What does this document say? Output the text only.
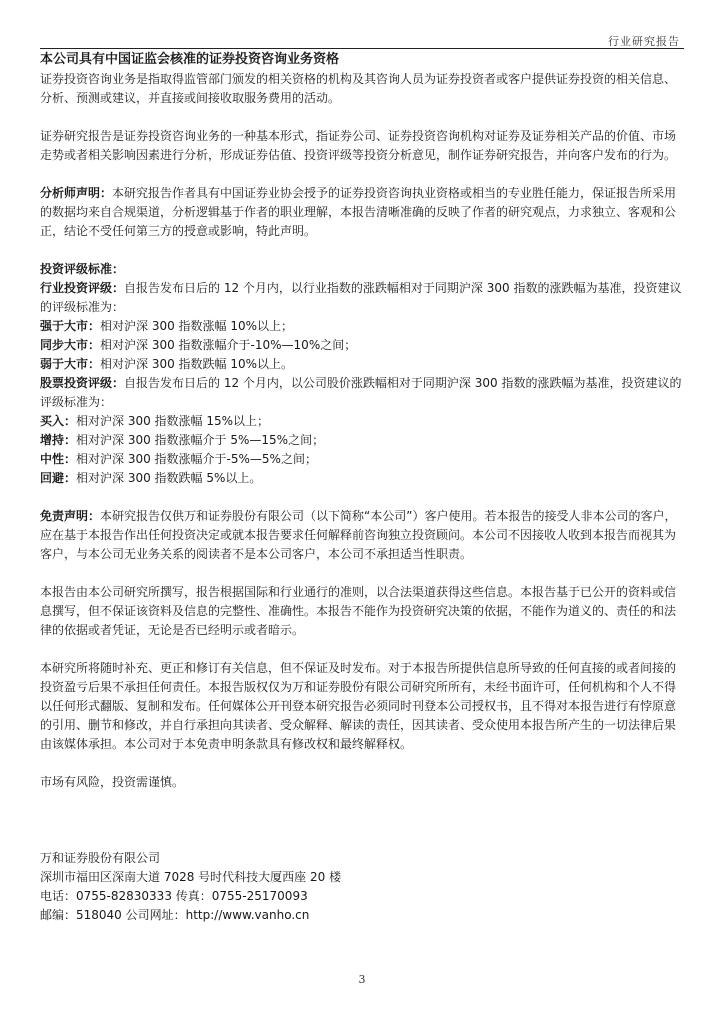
行业研究报告

本公司具有中国证监会核准的证券投资咨询业务资格

证券投资咨询业务是指取得监管部门颁发的相关资格的机构及其咨询人员为证券投资者或客户提供证券投资的相关信息、分析、预测或建议，并直接或间接收取服务费用的活动。

证券研究报告是证券投资咨询业务的一种基本形式，指证券公司、证券投资咨询机构对证券及证券相关产品的价值、市场走势或者相关影响因素进行分析，形成证券估值、投资评级等投资分析意见，制作证券研究报告，并向客户发布的行为。

分析师声明：本研究报告作者具有中国证券业协会授予的证券投资咨询执业资格或相当的专业胜任能力，保证报告所采用的数据均来自合规渠道，分析逻辑基于作者的职业理解，本报告清晰准确的反映了作者的研究观点，力求独立、客观和公正，结论不受任何第三方的授意或影响，特此声明。

投资评级标准：

行业投资评级：自报告发布日后的 12 个月内，以行业指数的涨跌幅相对于同期沪深 300 指数的涨跌幅为基准，投资建议的评级标准为：

强于大市：相对沪深 300 指数涨幅 10%以上；

同步大市：相对沪深 300 指数涨幅介于-10%—10%之间；

弱于大市：相对沪深 300 指数跌幅 10%以上。

股票投资评级：自报告发布日后的 12 个月内，以公司股价涨跌幅相对于同期沪深 300 指数的涨跌幅为基准，投资建议的评级标准为：

买入：相对沪深 300 指数涨幅 15%以上；

增持：相对沪深 300 指数涨幅介于 5%—15%之间；

中性：相对沪深 300 指数涨幅介于-5%—5%之间；

回避：相对沪深 300 指数跌幅 5%以上。

免责声明：本研究报告仅供万和证券股份有限公司（以下简称“本公司”）客户使用。若本报告的接受人非本公司的客户，应在基于本报告作出任何投资决定或就本报告要求任何解释前咨询独立投资顾问。本公司不因接收人收到本报告而视其为客户，与本公司无业务关系的阅读者不是本公司客户，本公司不承担适当性职责。

本报告由本公司研究所撰写，报告根据国际和行业通行的准则，以合法渠道获得这些信息。本报告基于已公开的资料或信息撰写，但不保证该资料及信息的完整性、准确性。本报告不能作为投资研究决策的依据，不能作为道义的、责任的和法律的依据或者凭证，无论是否已经明示或者暗示。

本研究所将随时补充、更正和修订有关信息，但不保证及时发布。对于本报告所提供信息所导致的任何直接的或者间接的投资盈亏后果不承担任何责任。本报告版权仅为万和证券股份有限公司研究所所有，未经书面许可，任何机构和个人不得以任何形式翻版、复制和发布。任何媒体公开刊登本研究报告必须同时刊登本公司授权书，且不得对本报告进行有悖原意的引用、删节和修改，并自行承担向其读者、受众解释、解读的责任，因其读者、受众使用本报告所产生的一切法律后果由该媒体承担。本公司对于本免责申明条款具有修改权和最终解释权。

市场有风险，投资需谨慎。

万和证券股份有限公司

深圳市福田区深南大道 7028 号时代科技大厦西座 20 楼

电话：0755-82830333 传真：0755-25170093

邮编：518040 公司网址：http://www.vanho.cn

3
